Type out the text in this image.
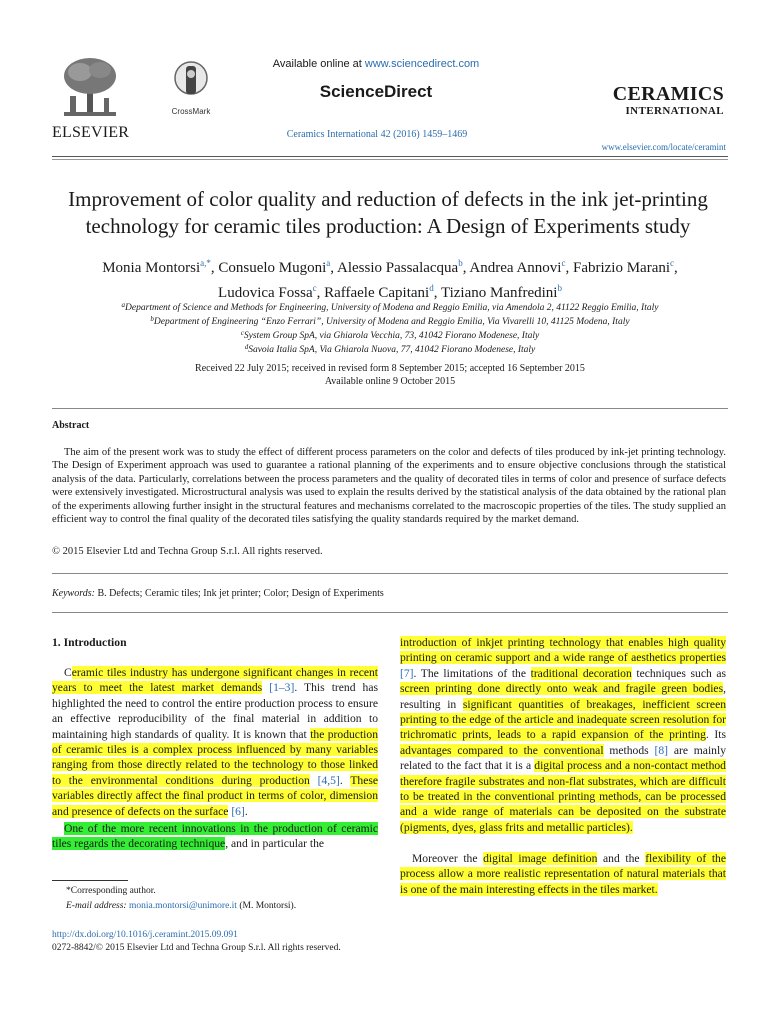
ELSEVIER
CrossMark
Available online at www.sciencedirect.com
ScienceDirect
Ceramics International 42 (2016) 1459–1469
CERAMICS
INTERNATIONAL
www.elsevier.com/locate/ceramint
Improvement of color quality and reduction of defects in the ink jet-printing
technology for ceramic tiles production: A Design of Experiments study
Monia Montorsi$^{a,*}$, Consuelo Mugoni$^a$, Alessio Passalacqua$^b$, Andrea Annovi$^c$, Fabrizio Marani$^c$,
Ludovica Fossa$^c$, Raffaele Capitani$^d$, Tiziano Manfredini$^b$
$^a$Department of Science and Methods for Engineering, University of Modena and Reggio Emilia, via Amendola 2, 41122 Reggio Emilia, Italy
$^b$Department of Engineering “Enzo Ferrari”, University of Modena and Reggio Emilia, Via Vivarelli 10, 41125 Modena, Italy
$^c$System Group SpA, via Ghiarola Vecchia, 73, 41042 Fiorano Modenese, Italy
$^d$Savoia Italia SpA, Via Ghiarola Nuova, 77, 41042 Fiorano Modenese, Italy
Received 22 July 2015; received in revised form 8 September 2015; accepted 16 September 2015
Available online 9 October 2015
Abstract
The aim of the present work was to study the effect of different process parameters on the color and defects of tiles produced by ink-jet printing technology. The Design of Experiment approach was used to guarantee a rational planning of the experiments and to ensure objective conclusions through the statistical analysis of the data. Particularly, correlations between the process parameters and the quality of decorated tiles in terms of color and presence of surface defects were extensively investigated. Microstructural analysis was used to explain the results derived by the statistical analysis of the data obtained by the rational plan of the experiments allowing further insight in the structural features and mechanisms correlated to the macroscopic properties of the tiles. The study supplied an efficient way to control the final quality of the decorated tiles satisfying the quality standards required by the market demand.
© 2015 Elsevier Ltd and Techna Group S.r.l. All rights reserved.
Keywords: B. Defects; Ceramic tiles; Ink jet printer; Color; Design of Experiments
1. Introduction
Ceramic tiles industry has undergone significant changes in recent years to meet the latest market demands [1–3]. This trend has highlighted the need to control the entire production process to ensure an effective reproducibility of the final material in addition to maintaining high standards of quality. It is known that the production of ceramic tiles is a complex process influenced by many variables ranging from those directly related to the technology to those linked to the environmental conditions during production [4,5]. These variables directly affect the final product in terms of color, dimension and presence of defects on the surface [6].
One of the more recent innovations in the production of ceramic tiles regards the decorating technique, and in particular the
introduction of inkjet printing technology that enables high quality printing on ceramic support and a wide range of aesthetics properties [7]. The limitations of the traditional decoration techniques such as screen printing done directly onto weak and fragile green bodies, resulting in significant quantities of breakages, inefficient screen printing to the edge of the article and inadequate screen resolution for trichromatic prints, leads to a rapid expansion of the printing. Its advantages compared to the conventional methods [8] are mainly related to the fact that it is a digital process and a non-contact method therefore fragile substrates and non-flat substrates, which are difficult to be treated in the conventional printing methods, can be processed and a wide range of materials can be deposited on the substrate (pigments, dyes, glass frits and metallic particles).
Moreover the digital image definition and the flexibility of the process allow a more realistic representation of natural materials that is one of the main interesting effects in the tiles market.
*Corresponding author.
E-mail address: monia.montorsi@unimore.it (M. Montorsi).
http://dx.doi.org/10.1016/j.ceramint.2015.09.091
0272-8842/© 2015 Elsevier Ltd and Techna Group S.r.l. All rights reserved.
